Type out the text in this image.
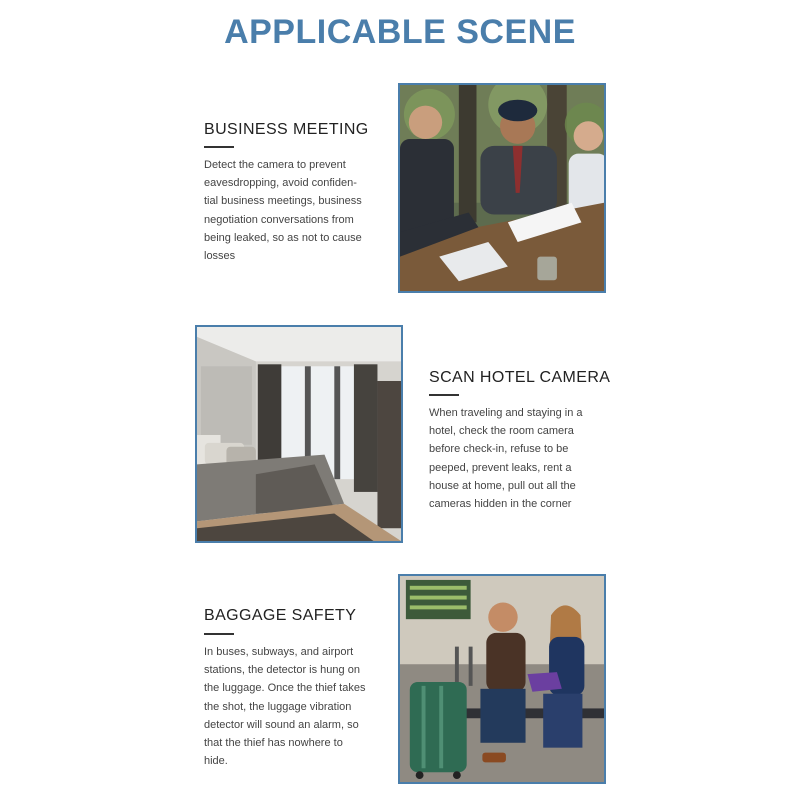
APPLICABLE SCENE
BUSINESS MEETING

Detect the camera to prevent
eavesdropping, avoid confiden-
tial business meetings, business
negotiation conversations from
being leaked, so as not to cause
losses

SCAN HOTEL CAMERA

When traveling and staying in a
hotel, check the room camera
before check-in, refuse to be
peeped, prevent leaks, rent a
house at home, pull out all the
cameras hidden in the corner

BAGGAGE SAFETY

In buses, subways, and airport
stations, the detector is hung on
the luggage. Once the thief takes
the shot, the luggage vibration
detector will sound an alarm, so
that the thief has nowhere to
hide.
